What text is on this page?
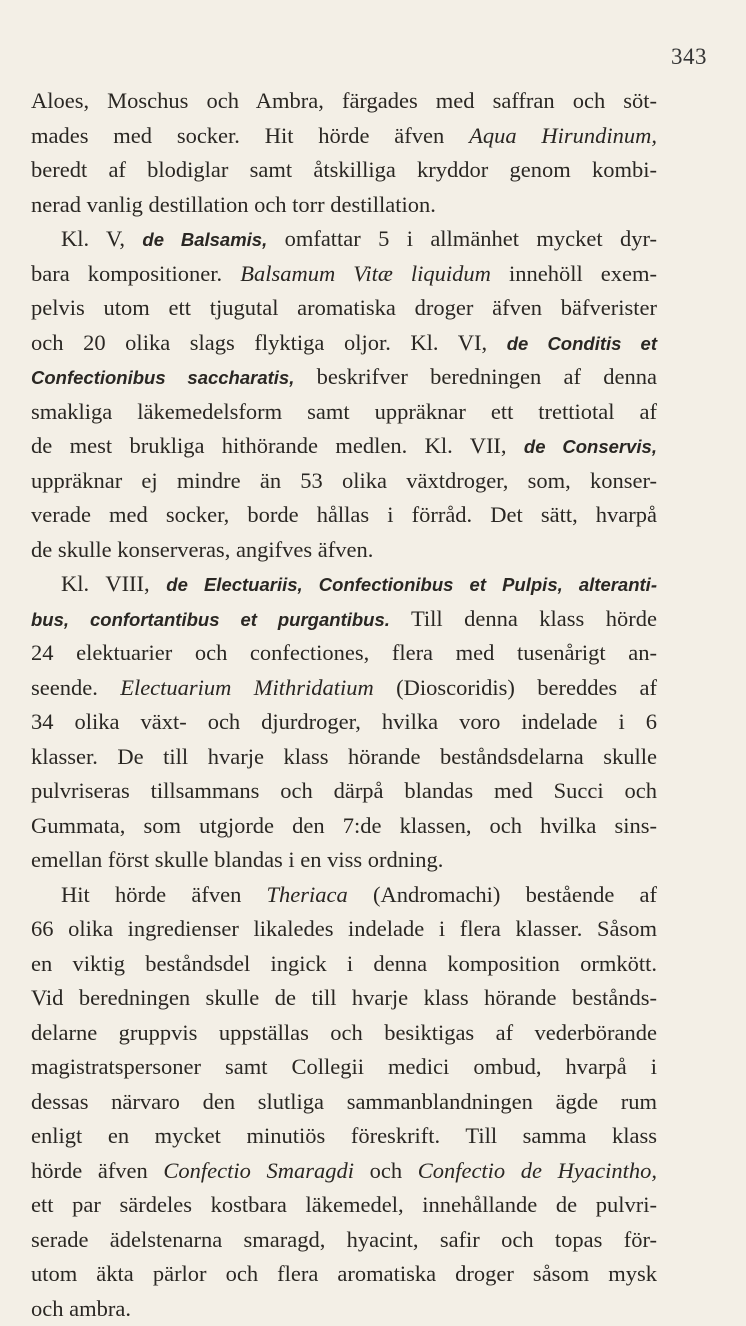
343
Aloes, Moschus och Ambra, färgades med saffran och söt-
mades med socker. Hit hörde äfven Aqua Hirundinum,
beredt af blodiglar samt åtskilliga kryddor genom kombi-
nerad vanlig destillation och torr destillation.
Kl. V, de Balsamis, omfattar 5 i allmänhet mycket dyr-
bara kompositioner. Balsamum Vitæ liquidum innehöll exem-
pelvis utom ett tjugutal aromatiska droger äfven bäfverister
och 20 olika slags flyktiga oljor. Kl. VI, de Conditis et
Confectionibus saccharatis, beskrifver beredningen af denna
smakliga läkemedelsform samt uppräknar ett trettiotal af
de mest brukliga hithörande medlen. Kl. VII, de Conservis,
uppräknar ej mindre än 53 olika växtdroger, som, konser-
verade med socker, borde hållas i förråd. Det sätt, hvarpå
de skulle konserveras, angifves äfven.
Kl. VIII, de Electuariis, Confectionibus et Pulpis, alteranti-
bus, confortantibus et purgantibus. Till denna klass hörde
24 elektuarier och confectiones, flera med tusenårigt an-
seende. Electuarium Mithridatium (Dioscoridis) bereddes af
34 olika växt- och djurdroger, hvilka voro indelade i 6
klasser. De till hvarje klass hörande beståndsdelarna skulle
pulvriseras tillsammans och därpå blandas med Succi och
Gummata, som utgjorde den 7:de klassen, och hvilka sins-
emellan först skulle blandas i en viss ordning.
Hit hörde äfven Theriaca (Andromachi) bestående af
66 olika ingredienser likaledes indelade i flera klasser. Såsom
en viktig beståndsdel ingick i denna komposition ormkött.
Vid beredningen skulle de till hvarje klass hörande bestånds-
delarne gruppvis uppställas och besiktigas af vederbörande
magistratspersoner samt Collegii medici ombud, hvarpå i
dessas närvaro den slutliga sammanblandningen ägde rum
enligt en mycket minutiös föreskrift. Till samma klass
hörde äfven Confectio Smaragdi och Confectio de Hyacintho,
ett par särdeles kostbara läkemedel, innehållande de pulvri-
serade ädelstenarna smaragd, hyacint, safir och topas för-
utom äkta pärlor och flera aromatiska droger såsom mysk
och ambra.
